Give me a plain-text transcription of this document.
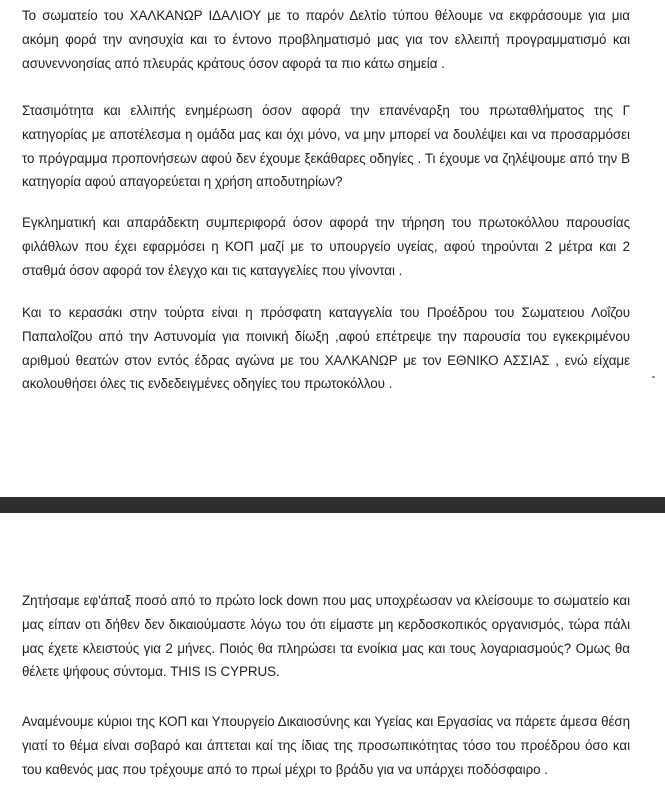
Το σωματείο του ΧΑΛΚΑΝΩΡ ΙΔΑΛΙΟΥ με το παρόν Δελτίο τύπου θέλουμε να εκφράσουμε για μια ακόμη φορά την ανησυχία και το έντονο προβληματισμό μας για τον ελλειπή προγραμματισμό και ασυνεννοησίας από πλευράς κράτους όσον αφορά τα πιο κάτω σημεία .

Στασιμότητα και ελλιπής ενημέρωση όσον αφορά την επανέναρξη του πρωταθλήματος της Γ κατηγορίας με αποτέλεσμα η ομάδα μας και όχι μόνο, να μην μπορεί να δουλέψει και να προσαρμόσει το πρόγραμμα προπονήσεων αφού δεν έχουμε ξεκάθαρες οδηγίες . Τι έχουμε να ζηλέψουμε από την Β κατηγορία αφού απαγορεύεται η χρήση αποδυτηρίων?

Εγκληματική και απαράδεκτη συμπεριφορά όσον αφορά την τήρηση του πρωτοκόλλου παρουσίας φιλάθλων που έχει εφαρμόσει η ΚΟΠ μαζί με το υπουργείο υγείας, αφού τηρούνται 2 μέτρα και 2 σταθμά όσον αφορά τον έλεγχο και τις καταγγελίες που γίνονται .

Και το κερασάκι στην τούρτα είναι η πρόσφατη καταγγελία του Προέδρου του Σωματειου Λοΐζου Παπαλοΐζου από την Αστυνομία για ποινική δίωξη ,αφού επέτρεψε την παρουσία του εγκεκριμένου αριθμού θεατών στον εντός έδρας αγώνα με του ΧΑΛΚΑΝΩΡ με τον ΕΘΝΙΚΟ ΑΣΣΙΑΣ , ενώ είχαμε ακολουθήσει όλες τις ενδεδειγμένες οδηγίες του πρωτοκόλλου .

Ζητήσαμε εφ'άπαξ ποσό από το πρώτο lock down που μας υποχρέωσαν να κλείσουμε το σωματείο και μας είπαν οτι δήθεν δεν δικαιούμαστε λόγω του ότι είμαστε μη κερδοσκοπικός οργανισμός, τώρα πάλι μας έχετε κλειστούς για 2 μήνες. Ποιός θα πληρώσει τα ενοίκια μας και τους λογαριασμούς? Ομως θα θέλετε ψήφους σύντομα. THIS IS CYPRUS.

Αναμένουμε κύριοι της ΚΟΠ και Υπουργείο Δικαιοσύνης και Υγείας και Εργασίας να πάρετε άμεσα θέση γιατί το θέμα είναι σοβαρό και άπτεται καί της ίδιας της προσωπικότητας τόσο του προέδρου όσο και του καθενός μας που τρέχουμε από το πρωί μέχρι το βράδυ για να υπάρχει ποδόσφαιρο .
